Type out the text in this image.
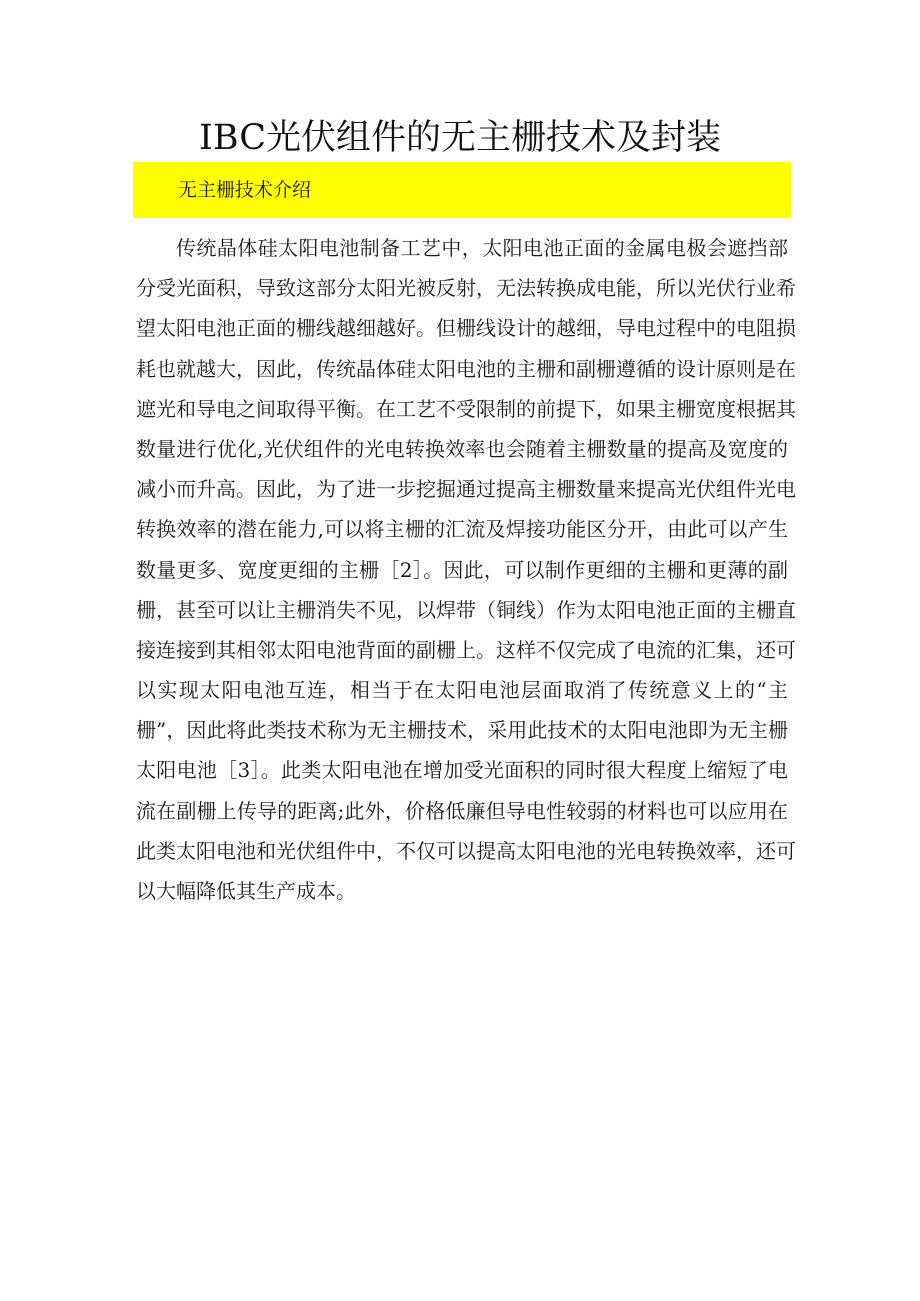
IBC光伏组件的无主栅技术及封装
无主栅技术介绍
传统晶体硅太阳电池制备工艺中，太阳电池正面的金属电极会遮挡部
分受光面积，导致这部分太阳光被反射，无法转换成电能，所以光伏行业希
望太阳电池正面的栅线越细越好。但栅线设计的越细，导电过程中的电阻损
耗也就越大，因此，传统晶体硅太阳电池的主栅和副栅遵循的设计原则是在
遮光和导电之间取得平衡。在工艺不受限制的前提下，如果主栅宽度根据其
数量进行优化,光伏组件的光电转换效率也会随着主栅数量的提高及宽度的
减小而升高。因此，为了进一步挖掘通过提高主栅数量来提高光伏组件光电
转换效率的潜在能力,可以将主栅的汇流及焊接功能区分开，由此可以产生
数量更多、宽度更细的主栅［2］。因此，可以制作更细的主栅和更薄的副
栅，甚至可以让主栅消失不见，以焊带（铜线）作为太阳电池正面的主栅直
接连接到其相邻太阳电池背面的副栅上。这样不仅完成了电流的汇集，还可
以实现太阳电池互连，相当于在太阳电池层面取消了传统意义上的“主
栅”，因此将此类技术称为无主栅技术，采用此技术的太阳电池即为无主栅
太阳电池［3］。此类太阳电池在增加受光面积的同时很大程度上缩短了电
流在副栅上传导的距离;此外，价格低廉但导电性较弱的材料也可以应用在
此类太阳电池和光伏组件中，不仅可以提高太阳电池的光电转换效率，还可
以大幅降低其生产成本。
